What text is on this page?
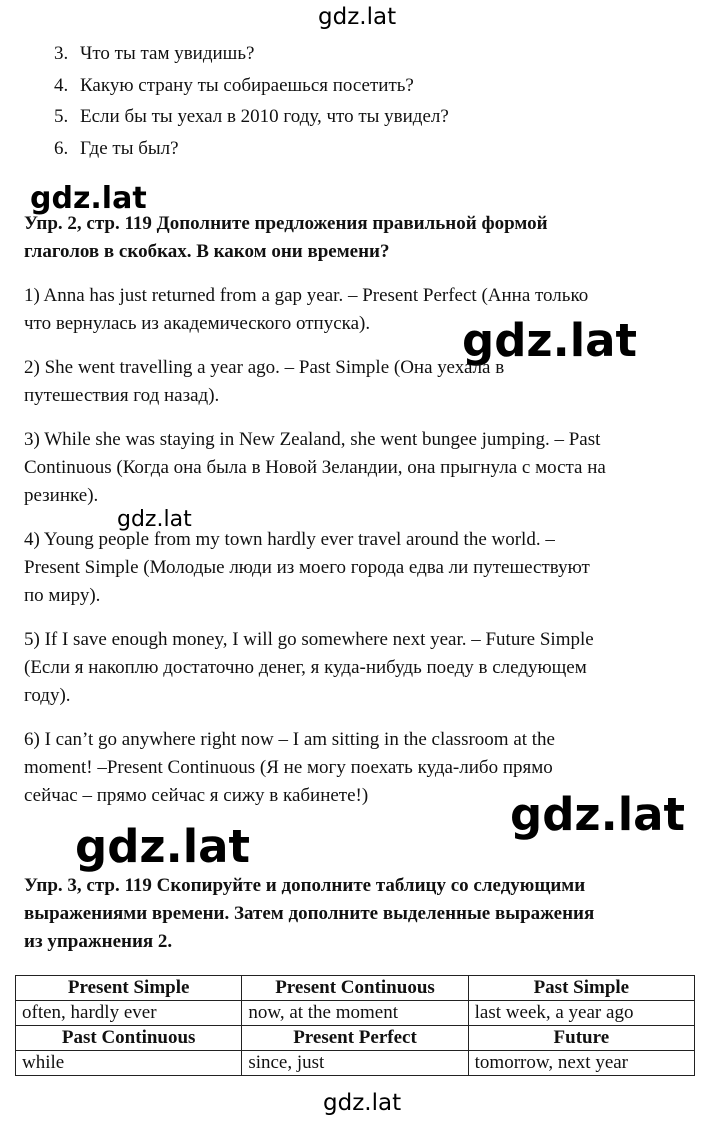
gdz.lat
gdz.lat
gdz.lat
gdz.lat
gdz.lat
gdz.lat
gdz.lat
3. Что ты там увидишь?
4. Какую страну ты собираешься посетить?
5. Если бы ты уехал в 2010 году, что ты увидел?
6. Где ты был?
Упр. 2, стр. 119 Дополните предложения правильной формой
глаголов в скобках. В каком они времени?
1) Anna has just returned from a gap year. – Present Perfect (Анна только
что вернулась из академического отпуска).
2) She went travelling a year ago. – Past Simple (Она уехала в
путешествия год назад).
3) While she was staying in New Zealand, she went bungee jumping. – Past
Continuous (Когда она была в Новой Зеландии, она прыгнула с моста на
резинке).
4) Young people from my town hardly ever travel around the world. –
Present Simple (Молодые люди из моего города едва ли путешествуют
по миру).
5) If I save enough money, I will go somewhere next year. – Future Simple
(Если я накоплю достаточно денег, я куда-нибудь поеду в следующем
году).
6) I can’t go anywhere right now – I am sitting in the classroom at the
moment! –Present Continuous (Я не могу поехать куда-либо прямо
сейчас – прямо сейчас я сижу в кабинете!)
Упр. 3, стр. 119 Скопируйте и дополните таблицу со следующими
выражениями времени. Затем дополните выделенные выражения
из упражнения 2.
Present Simple	Present Continuous	Past Simple
often, hardly ever	now, at the moment	last week, a year ago
Past Continuous	Present Perfect	Future
while	since, just	tomorrow, next year
